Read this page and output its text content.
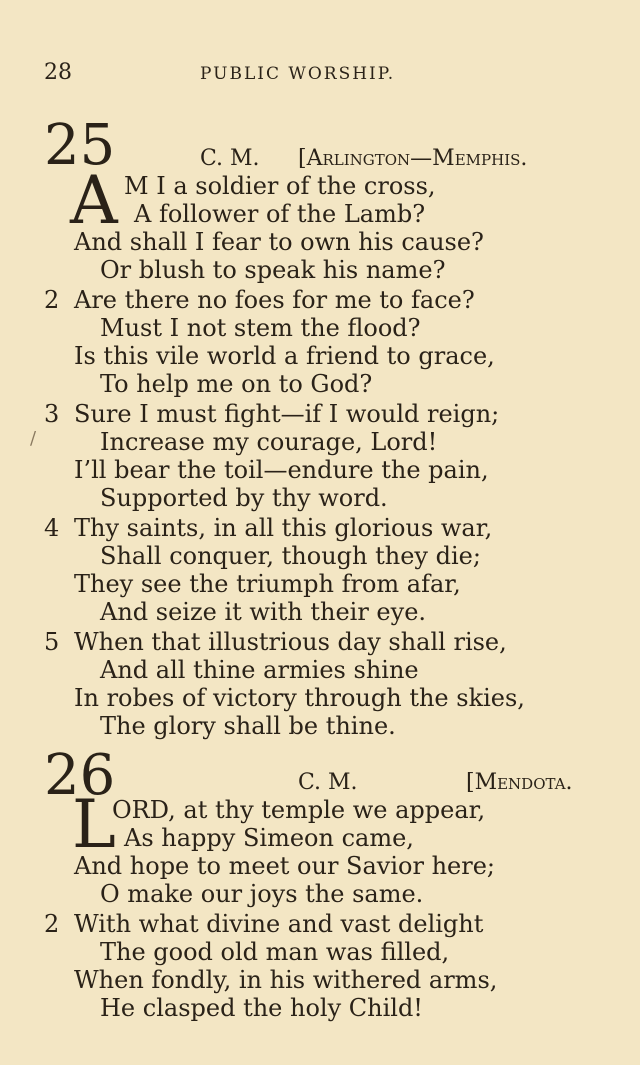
28	PUBLIC WORSHIP.
25	C. M. [Arlington—Memphis.
A M I a soldier of the cross,
A follower of the Lamb?
And shall I fear to own his cause?
Or blush to speak his name?
2 Are there no foes for me to face?
Must I not stem the flood?
Is this vile world a friend to grace,
To help me on to God?
3 Sure I must fight—if I would reign;
/	Increase my courage, Lord!
I’ll bear the toil—endure the pain,
Supported by thy word.
4 Thy saints, in all this glorious war,
Shall conquer, though they die;
They see the triumph from afar,
And seize it with their eye.
5 When that illustrious day shall rise,
And all thine armies shine
In robes of victory through the skies,
The glory shall be thine.
26	C. M.	[Mendota.
L
ORD, at thy temple we appear,
As happy Simeon came,
And hope to meet our Savior here;
O make our joys the same.
2 With what divine and vast delight
The good old man was filled,
When fondly, in his withered arms,
He clasped the holy Child!
